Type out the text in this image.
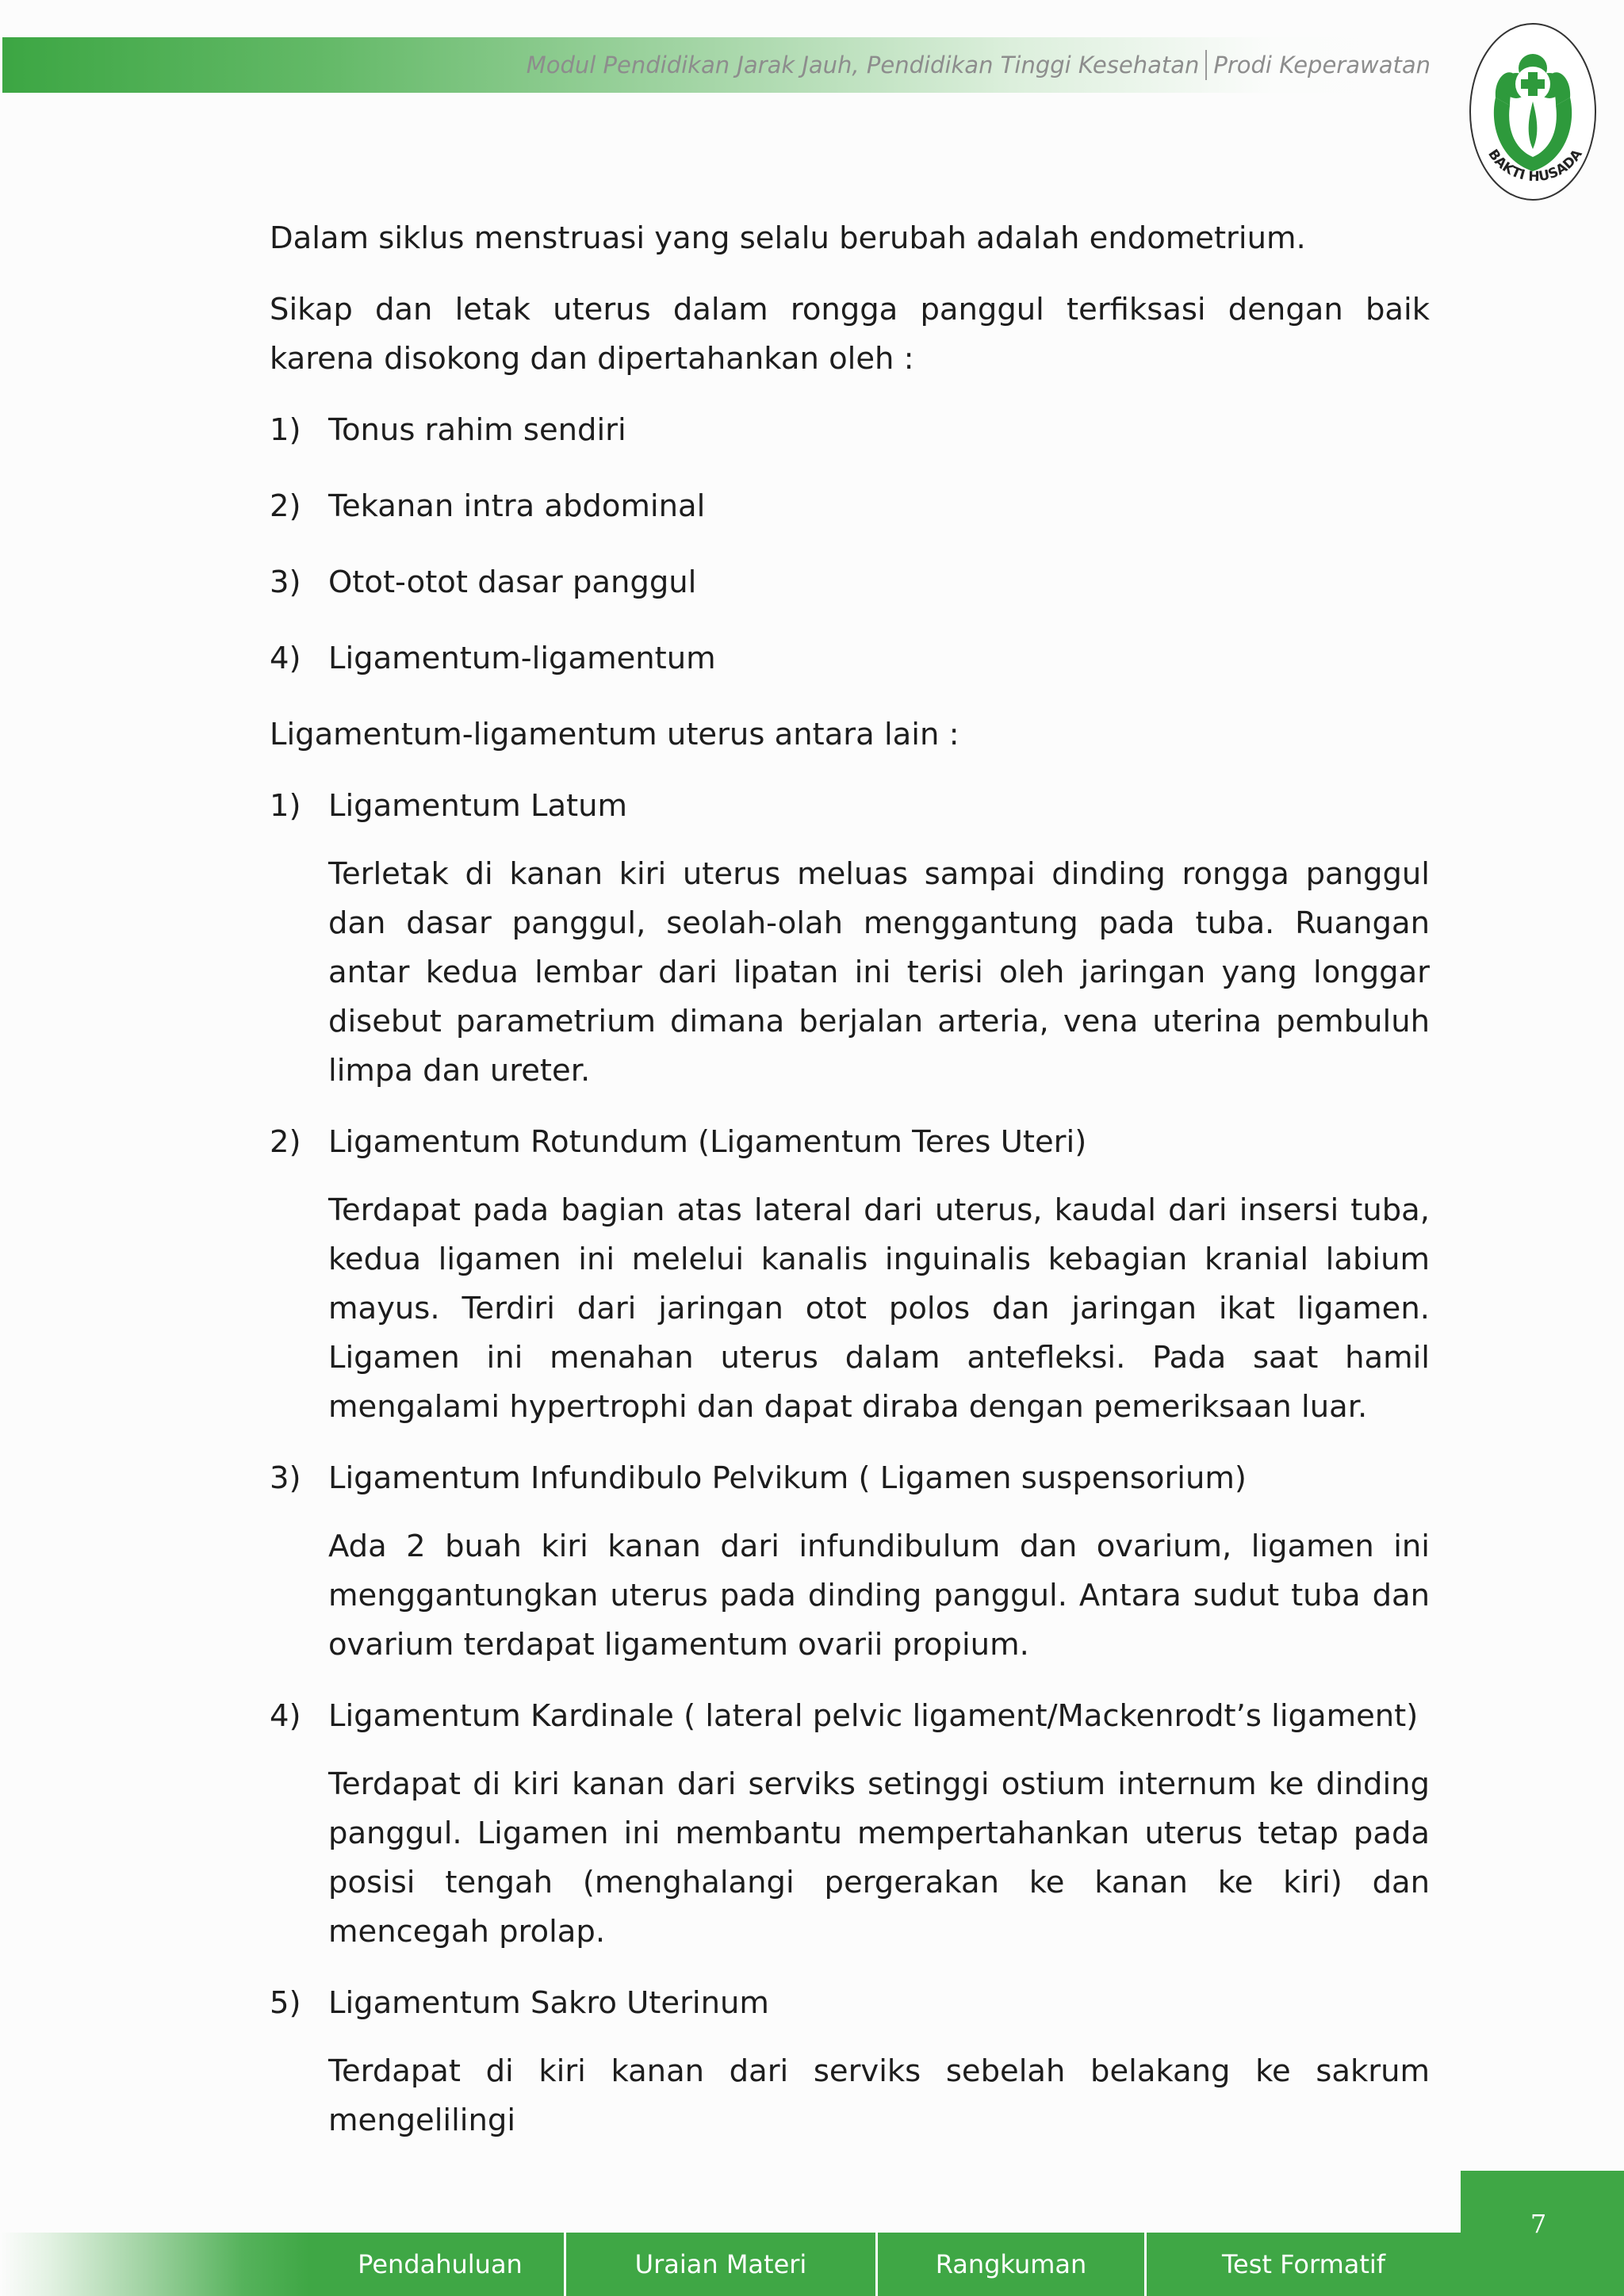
Modul Pendidikan Jarak Jauh, Pendidikan Tinggi Kesehatan Prodi Keperawatan
BAKTI HUSADA

Dalam siklus menstruasi yang selalu berubah adalah endometrium.

Sikap dan letak uterus dalam rongga panggul terfiksasi dengan baik karena disokong dan dipertahankan oleh :

1) Tonus rahim sendiri
2) Tekanan intra abdominal
3) Otot-otot dasar panggul
4) Ligamentum-ligamentum

Ligamentum-ligamentum uterus antara lain :

1) Ligamentum Latum

Terletak di kanan kiri uterus meluas sampai dinding rongga panggul dan dasar panggul, seolah-olah menggantung pada tuba. Ruangan antar kedua lembar dari lipatan ini terisi oleh jaringan yang longgar disebut parametrium dimana berjalan arteria, vena uterina pembuluh limpa dan ureter.

2) Ligamentum Rotundum (Ligamentum Teres Uteri)

Terdapat pada bagian atas lateral dari uterus, kaudal dari insersi tuba, kedua ligamen ini melelui kanalis inguinalis kebagian kranial labium mayus. Terdiri dari jaringan otot polos dan jaringan ikat ligamen. Ligamen ini menahan uterus dalam antefleksi. Pada saat hamil mengalami hypertrophi dan dapat diraba dengan pemeriksaan luar.

3) Ligamentum Infundibulo Pelvikum ( Ligamen suspensorium)

Ada 2 buah kiri kanan dari infundibulum dan ovarium, ligamen ini menggantungkan uterus pada dinding panggul. Antara sudut tuba dan ovarium terdapat ligamentum ovarii propium.

4) Ligamentum Kardinale ( lateral pelvic ligament/Mackenrodt’s ligament)

Terdapat di kiri kanan dari serviks setinggi ostium internum ke dinding panggul. Ligamen ini membantu mempertahankan uterus tetap pada posisi tengah (menghalangi pergerakan ke kanan ke kiri) dan mencegah prolap.

5) Ligamentum Sakro Uterinum

Terdapat di kiri kanan dari serviks sebelah belakang ke sakrum mengelilingi

7
Pendahuluan	Uraian Materi	Rangkuman	Test Formatif
